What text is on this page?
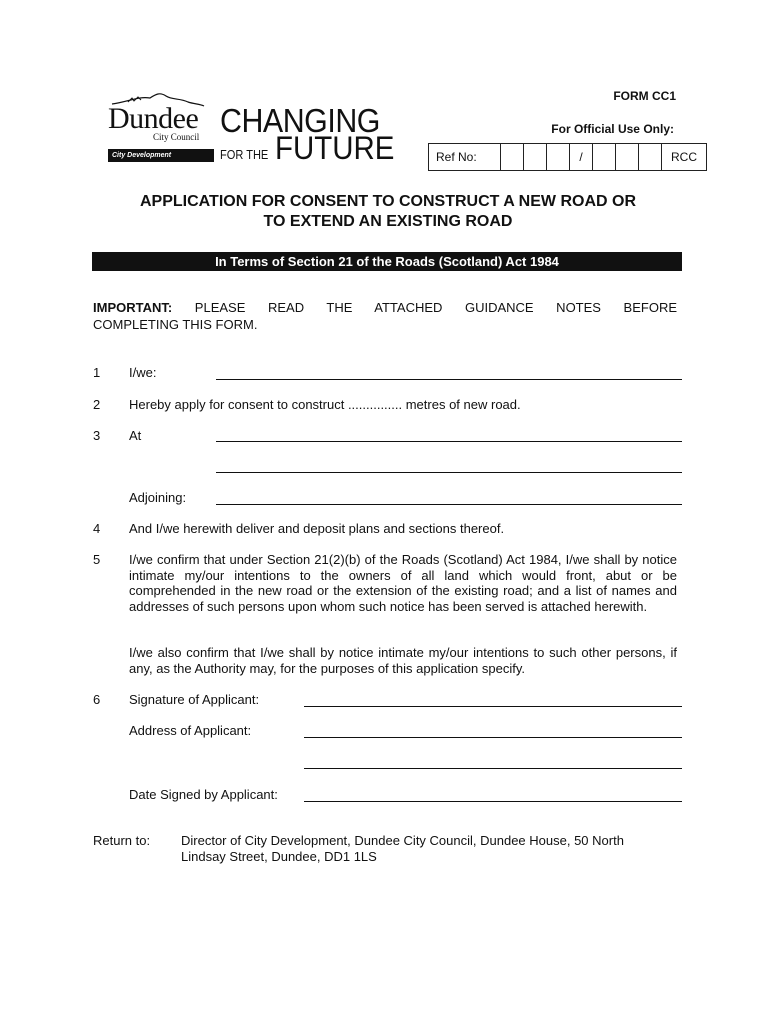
FORM CC1
For Official Use Only:
Ref No:				/				RCC
Dundee
City Council
City Development
CHANGING
FOR THE FUTURE
APPLICATION FOR CONSENT TO CONSTRUCT A NEW ROAD OR
TO EXTEND AN EXISTING ROAD
In Terms of Section 21 of the Roads (Scotland) Act 1984
IMPORTANT: PLEASE READ THE ATTACHED GUIDANCE NOTES BEFORE
COMPLETING THIS FORM.
1 I/we:
2 Hereby apply for consent to construct ............... metres of new road.
3 At
Adjoining:
4 And I/we herewith deliver and deposit plans and sections thereof.
5 I/we confirm that under Section 21(2)(b) of the Roads (Scotland) Act 1984, I/we shall by notice intimate my/our intentions to the owners of all land which would front, abut or be comprehended in the new road or the extension of the existing road; and a list of names and addresses of such persons upon whom such notice has been served is attached herewith.
I/we also confirm that I/we shall by notice intimate my/our intentions to such other persons, if any, as the Authority may, for the purposes of this application specify.
6 Signature of Applicant:
Address of Applicant:
Date Signed by Applicant:
Return to: Director of City Development, Dundee City Council, Dundee House, 50 North
Lindsay Street, Dundee, DD1 1LS
